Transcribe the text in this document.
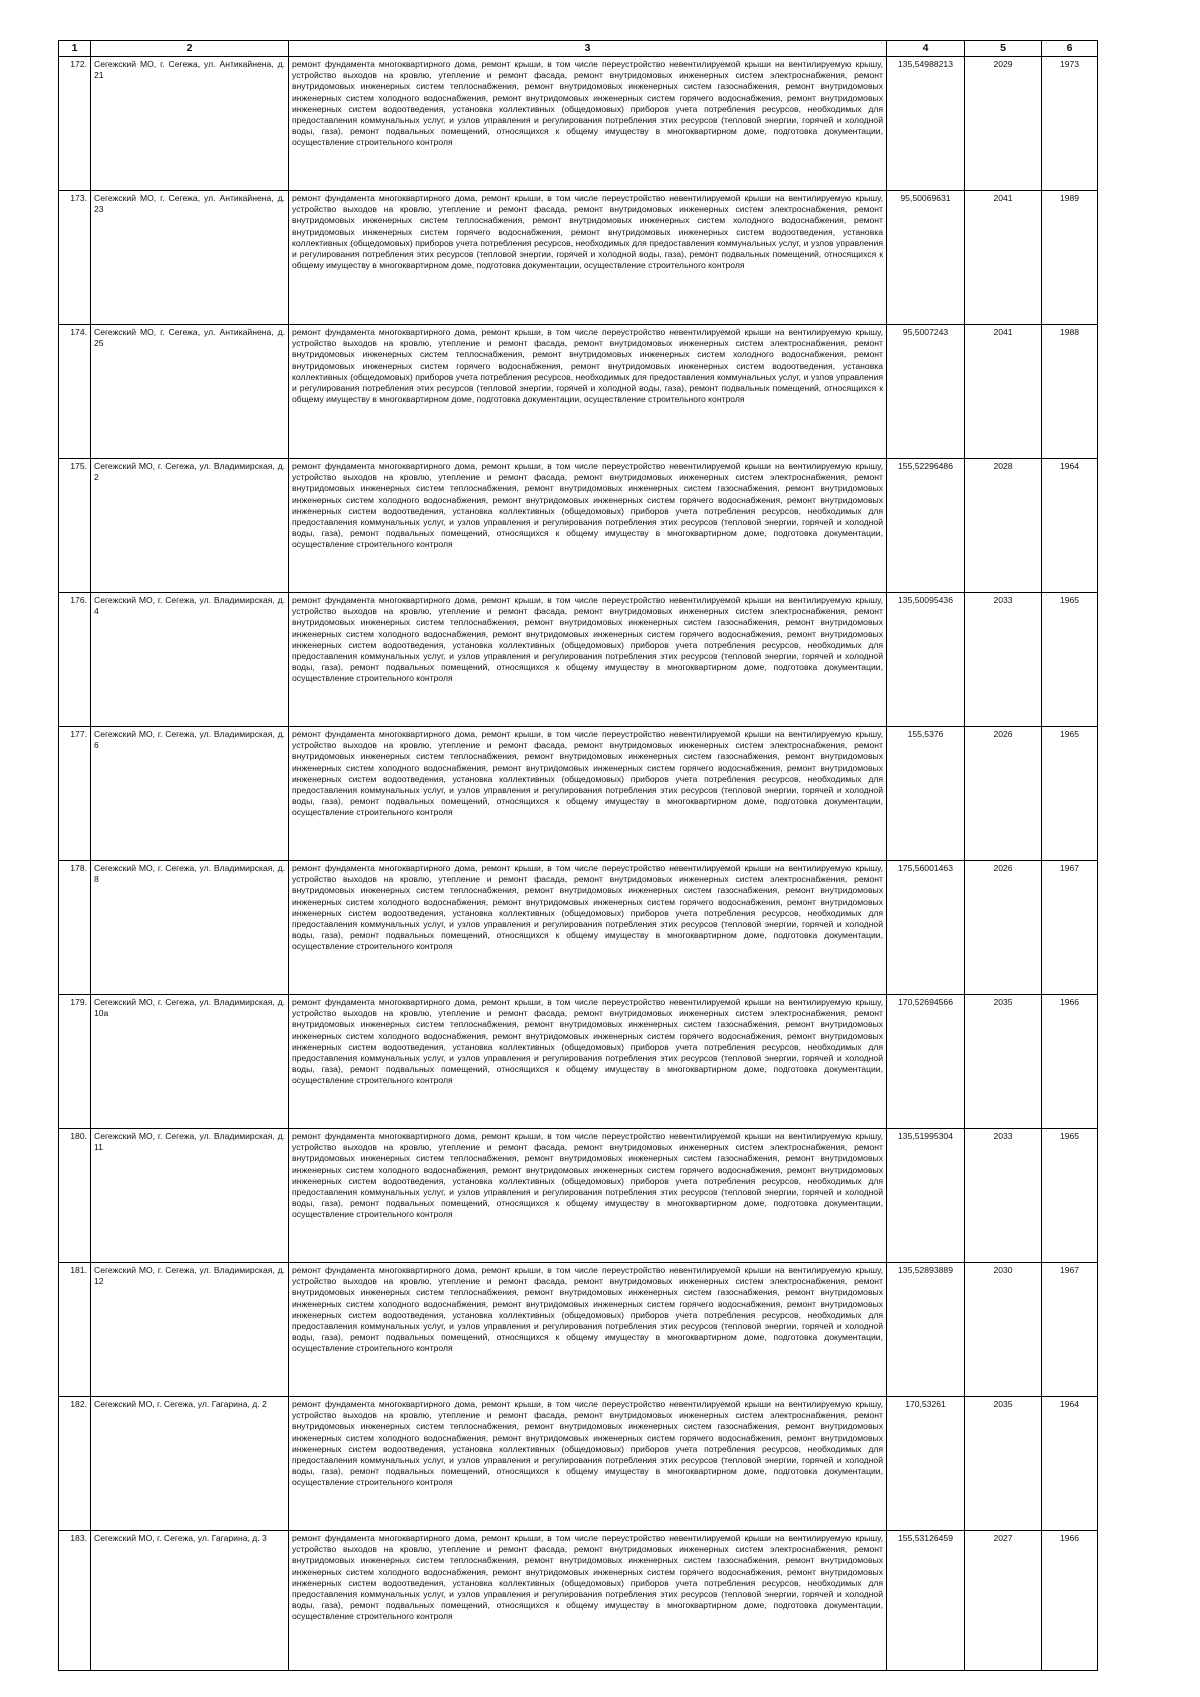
1	2	3	4	5	6
172.	Сегежский МО, г. Сегежа, ул. Антикайнена, д. 21	ремонт фундамента многоквартирного дома, ремонт крыши, в том числе переустройство невентилируемой крыши на вентилируемую крышу, устройство выходов на кровлю, утепление и ремонт фасада, ремонт внутридомовых инженерных систем электроснабжения, ремонт внутридомовых инженерных систем теплоснабжения, ремонт внутридомовых инженерных систем газоснабжения, ремонт внутридомовых инженерных систем холодного водоснабжения, ремонт внутридомовых инженерных систем горячего водоснабжения, ремонт внутридомовых инженерных систем водоотведения, установка коллективных (общедомовых) приборов учета потребления ресурсов, необходимых для предоставления коммунальных услуг, и узлов управления и регулирования потребления этих ресурсов (тепловой энергии, горячей и холодной воды, газа), ремонт подвальных помещений, относящихся к общему имуществу в многоквартирном доме, подготовка документации, осуществление строительного контроля	135,54988213	2029	1973
173.	Сегежский МО, г. Сегежа, ул. Антикайнена, д. 23	ремонт фундамента многоквартирного дома, ремонт крыши, в том числе переустройство невентилируемой крыши на вентилируемую крышу, устройство выходов на кровлю, утепление и ремонт фасада, ремонт внутридомовых инженерных систем электроснабжения, ремонт внутридомовых инженерных систем теплоснабжения, ремонт внутридомовых инженерных систем холодного водоснабжения, ремонт внутридомовых инженерных систем горячего водоснабжения, ремонт внутридомовых инженерных систем водоотведения, установка коллективных (общедомовых) приборов учета потребления ресурсов, необходимых для предоставления коммунальных услуг, и узлов управления и регулирования потребления этих ресурсов (тепловой энергии, горячей и холодной воды, газа), ремонт подвальных помещений, относящихся к общему имуществу в многоквартирном доме, подготовка документации, осуществление строительного контроля	95,50069631	2041	1989
174.	Сегежский МО, г. Сегежа, ул. Антикайнена, д. 25	ремонт фундамента многоквартирного дома, ремонт крыши, в том числе переустройство невентилируемой крыши на вентилируемую крышу, устройство выходов на кровлю, утепление и ремонт фасада, ремонт внутридомовых инженерных систем электроснабжения, ремонт внутридомовых инженерных систем теплоснабжения, ремонт внутридомовых инженерных систем холодного водоснабжения, ремонт внутридомовых инженерных систем горячего водоснабжения, ремонт внутридомовых инженерных систем водоотведения, установка коллективных (общедомовых) приборов учета потребления ресурсов, необходимых для предоставления коммунальных услуг, и узлов управления и регулирования потребления этих ресурсов (тепловой энергии, горячей и холодной воды, газа), ремонт подвальных помещений, относящихся к общему имуществу в многоквартирном доме, подготовка документации, осуществление строительного контроля	95,5007243	2041	1988
175.	Сегежский МО, г. Сегежа, ул. Владимирская, д. 2	ремонт фундамента многоквартирного дома, ремонт крыши, в том числе переустройство невентилируемой крыши на вентилируемую крышу, устройство выходов на кровлю, утепление и ремонт фасада, ремонт внутридомовых инженерных систем электроснабжения, ремонт внутридомовых инженерных систем теплоснабжения, ремонт внутридомовых инженерных систем газоснабжения, ремонт внутридомовых инженерных систем холодного водоснабжения, ремонт внутридомовых инженерных систем горячего водоснабжения, ремонт внутридомовых инженерных систем водоотведения, установка коллективных (общедомовых) приборов учета потребления ресурсов, необходимых для предоставления коммунальных услуг, и узлов управления и регулирования потребления этих ресурсов (тепловой энергии, горячей и холодной воды, газа), ремонт подвальных помещений, относящихся к общему имуществу в многоквартирном доме, подготовка документации, осуществление строительного контроля	155,52296486	2028	1964
176.	Сегежский МО, г. Сегежа, ул. Владимирская, д. 4	ремонт фундамента многоквартирного дома, ремонт крыши, в том числе переустройство невентилируемой крыши на вентилируемую крышу, устройство выходов на кровлю, утепление и ремонт фасада, ремонт внутридомовых инженерных систем электроснабжения, ремонт внутридомовых инженерных систем теплоснабжения, ремонт внутридомовых инженерных систем газоснабжения, ремонт внутридомовых инженерных систем холодного водоснабжения, ремонт внутридомовых инженерных систем горячего водоснабжения, ремонт внутридомовых инженерных систем водоотведения, установка коллективных (общедомовых) приборов учета потребления ресурсов, необходимых для предоставления коммунальных услуг, и узлов управления и регулирования потребления этих ресурсов (тепловой энергии, горячей и холодной воды, газа), ремонт подвальных помещений, относящихся к общему имуществу в многоквартирном доме, подготовка документации, осуществление строительного контроля	135,50095436	2033	1965
177.	Сегежский МО, г. Сегежа, ул. Владимирская, д. 6	ремонт фундамента многоквартирного дома, ремонт крыши, в том числе переустройство невентилируемой крыши на вентилируемую крышу, устройство выходов на кровлю, утепление и ремонт фасада, ремонт внутридомовых инженерных систем электроснабжения, ремонт внутридомовых инженерных систем теплоснабжения, ремонт внутридомовых инженерных систем газоснабжения, ремонт внутридомовых инженерных систем холодного водоснабжения, ремонт внутридомовых инженерных систем горячего водоснабжения, ремонт внутридомовых инженерных систем водоотведения, установка коллективных (общедомовых) приборов учета потребления ресурсов, необходимых для предоставления коммунальных услуг, и узлов управления и регулирования потребления этих ресурсов (тепловой энергии, горячей и холодной воды, газа), ремонт подвальных помещений, относящихся к общему имуществу в многоквартирном доме, подготовка документации, осуществление строительного контроля	155,5376	2026	1965
178.	Сегежский МО, г. Сегежа, ул. Владимирская, д. 8	ремонт фундамента многоквартирного дома, ремонт крыши, в том числе переустройство невентилируемой крыши на вентилируемую крышу, устройство выходов на кровлю, утепление и ремонт фасада, ремонт внутридомовых инженерных систем электроснабжения, ремонт внутридомовых инженерных систем теплоснабжения, ремонт внутридомовых инженерных систем газоснабжения, ремонт внутридомовых инженерных систем холодного водоснабжения, ремонт внутридомовых инженерных систем горячего водоснабжения, ремонт внутридомовых инженерных систем водоотведения, установка коллективных (общедомовых) приборов учета потребления ресурсов, необходимых для предоставления коммунальных услуг, и узлов управления и регулирования потребления этих ресурсов (тепловой энергии, горячей и холодной воды, газа), ремонт подвальных помещений, относящихся к общему имуществу в многоквартирном доме, подготовка документации, осуществление строительного контроля	175,56001463	2026	1967
179.	Сегежский МО, г. Сегежа, ул. Владимирская, д. 10а	ремонт фундамента многоквартирного дома, ремонт крыши, в том числе переустройство невентилируемой крыши на вентилируемую крышу, устройство выходов на кровлю, утепление и ремонт фасада, ремонт внутридомовых инженерных систем электроснабжения, ремонт внутридомовых инженерных систем теплоснабжения, ремонт внутридомовых инженерных систем газоснабжения, ремонт внутридомовых инженерных систем холодного водоснабжения, ремонт внутридомовых инженерных систем горячего водоснабжения, ремонт внутридомовых инженерных систем водоотведения, установка коллективных (общедомовых) приборов учета потребления ресурсов, необходимых для предоставления коммунальных услуг, и узлов управления и регулирования потребления этих ресурсов (тепловой энергии, горячей и холодной воды, газа), ремонт подвальных помещений, относящихся к общему имуществу в многоквартирном доме, подготовка документации, осуществление строительного контроля	170,52694566	2035	1966
180.	Сегежский МО, г. Сегежа, ул. Владимирская, д. 11	ремонт фундамента многоквартирного дома, ремонт крыши, в том числе переустройство невентилируемой крыши на вентилируемую крышу, устройство выходов на кровлю, утепление и ремонт фасада, ремонт внутридомовых инженерных систем электроснабжения, ремонт внутридомовых инженерных систем теплоснабжения, ремонт внутридомовых инженерных систем газоснабжения, ремонт внутридомовых инженерных систем холодного водоснабжения, ремонт внутридомовых инженерных систем горячего водоснабжения, ремонт внутридомовых инженерных систем водоотведения, установка коллективных (общедомовых) приборов учета потребления ресурсов, необходимых для предоставления коммунальных услуг, и узлов управления и регулирования потребления этих ресурсов (тепловой энергии, горячей и холодной воды, газа), ремонт подвальных помещений, относящихся к общему имуществу в многоквартирном доме, подготовка документации, осуществление строительного контроля	135,51995304	2033	1965
181.	Сегежский МО, г. Сегежа, ул. Владимирская, д. 12	ремонт фундамента многоквартирного дома, ремонт крыши, в том числе переустройство невентилируемой крыши на вентилируемую крышу, устройство выходов на кровлю, утепление и ремонт фасада, ремонт внутридомовых инженерных систем электроснабжения, ремонт внутридомовых инженерных систем теплоснабжения, ремонт внутридомовых инженерных систем газоснабжения, ремонт внутридомовых инженерных систем холодного водоснабжения, ремонт внутридомовых инженерных систем горячего водоснабжения, ремонт внутридомовых инженерных систем водоотведения, установка коллективных (общедомовых) приборов учета потребления ресурсов, необходимых для предоставления коммунальных услуг, и узлов управления и регулирования потребления этих ресурсов (тепловой энергии, горячей и холодной воды, газа), ремонт подвальных помещений, относящихся к общему имуществу в многоквартирном доме, подготовка документации, осуществление строительного контроля	135,52893889	2030	1967
182.	Сегежский МО, г. Сегежа, ул. Гагарина, д. 2	ремонт фундамента многоквартирного дома, ремонт крыши, в том числе переустройство невентилируемой крыши на вентилируемую крышу, устройство выходов на кровлю, утепление и ремонт фасада, ремонт внутридомовых инженерных систем электроснабжения, ремонт внутридомовых инженерных систем теплоснабжения, ремонт внутридомовых инженерных систем газоснабжения, ремонт внутридомовых инженерных систем холодного водоснабжения, ремонт внутридомовых инженерных систем горячего водоснабжения, ремонт внутридомовых инженерных систем водоотведения, установка коллективных (общедомовых) приборов учета потребления ресурсов, необходимых для предоставления коммунальных услуг, и узлов управления и регулирования потребления этих ресурсов (тепловой энергии, горячей и холодной воды, газа), ремонт подвальных помещений, относящихся к общему имуществу в многоквартирном доме, подготовка документации, осуществление строительного контроля	170,53261	2035	1964
183.	Сегежский МО, г. Сегежа, ул. Гагарина, д. 3	ремонт фундамента многоквартирного дома, ремонт крыши, в том числе переустройство невентилируемой крыши на вентилируемую крышу, устройство выходов на кровлю, утепление и ремонт фасада, ремонт внутридомовых инженерных систем электроснабжения, ремонт внутридомовых инженерных систем теплоснабжения, ремонт внутридомовых инженерных систем газоснабжения, ремонт внутридомовых инженерных систем холодного водоснабжения, ремонт внутридомовых инженерных систем горячего водоснабжения, ремонт внутридомовых инженерных систем водоотведения, установка коллективных (общедомовых) приборов учета потребления ресурсов, необходимых для предоставления коммунальных услуг, и узлов управления и регулирования потребления этих ресурсов (тепловой энергии, горячей и холодной воды, газа), ремонт подвальных помещений, относящихся к общему имуществу в многоквартирном доме, подготовка документации, осуществление строительного контроля	155,53126459	2027	1966
